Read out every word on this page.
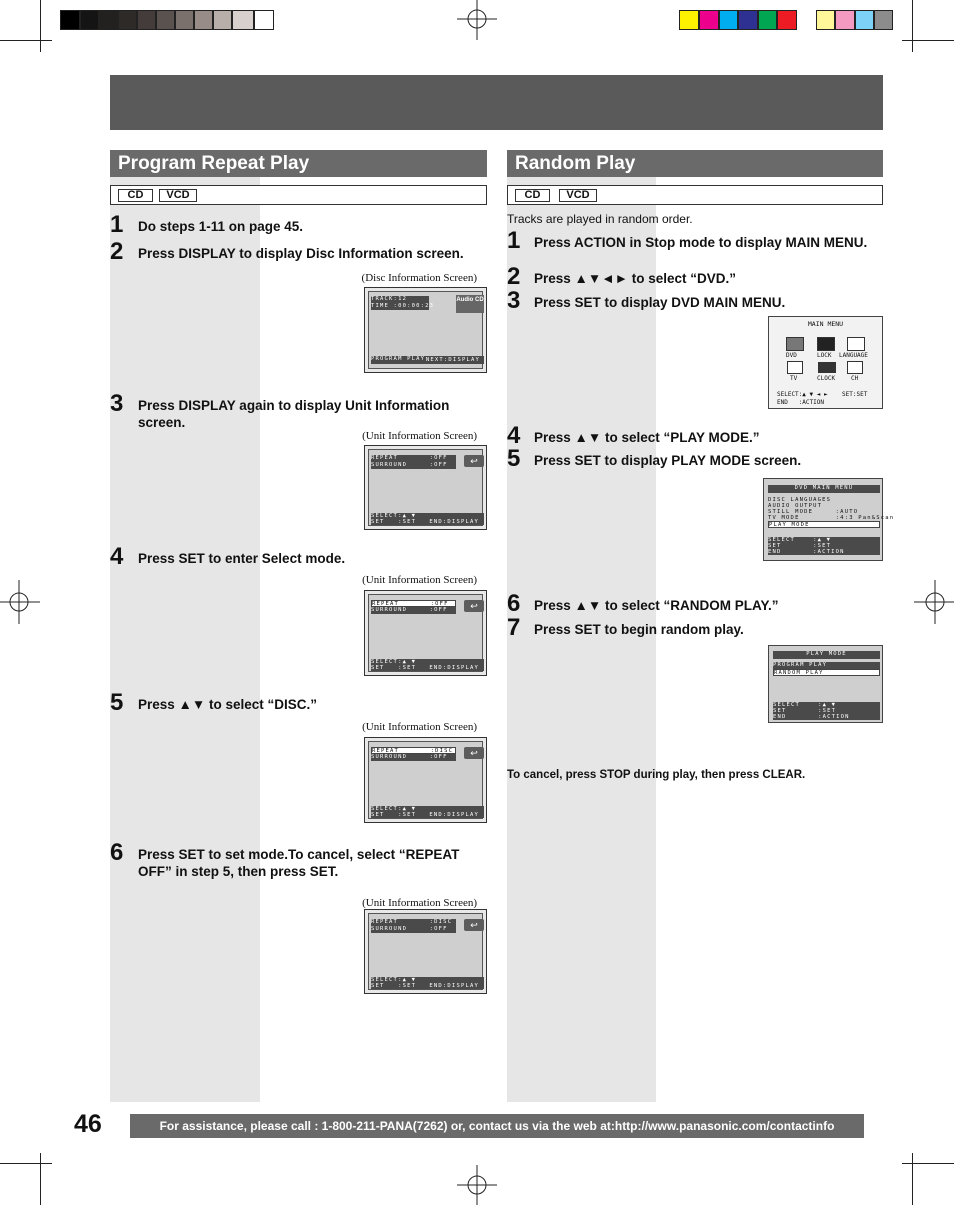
Program Repeat Play
CD	VCD
1 Do steps 1-11 on page 45.
2 Press DISPLAY to display Disc Information screen.
(Disc Information Screen)
TRACK:12
TIME :00:00:23
Audio CD
PROGRAM PLAY NEXT:DISPLAY
3 Press DISPLAY again to display Unit Information screen.
(Unit Information Screen)
REPEAT       :OFF
SURROUND     :OFF	↩
SELECT:▲ ▼
SET   :SET	END:DISPLAY
4 Press SET to enter Select mode.
(Unit Information Screen)
REPEAT       :OFF
SURROUND     :OFF	↩
SELECT:▲ ▼
SET   :SET	END:DISPLAY
5 Press ▲▼ to select “DISC.”
(Unit Information Screen)
REPEAT       :DISC
SURROUND     :OFF	↩
SELECT:▲ ▼
SET   :SET	END:DISPLAY
6 Press SET to set mode.To cancel, select “REPEAT OFF” in step 5, then press SET.
(Unit Information Screen)
REPEAT       :DISC
SURROUND     :OFF	↩
SELECT:▲ ▼
SET   :SET	END:DISPLAY
Random Play
CD	VCD
Tracks are played in random order.
1 Press ACTION in Stop mode to display MAIN MENU.
2 Press ▲▼◄► to select “DVD.”
3 Press SET to display DVD MAIN MENU.
MAIN MENU
DVD	LOCK LANGUAGE
TV	CLOCK	CH
SELECT:▲ ▼ ◄ ►    SET:SET
END   :ACTION
4 Press ▲▼ to select “PLAY MODE.”
5 Press SET to display PLAY MODE screen.
DVD MAIN MENU
DISC LANGUAGES
AUDIO OUTPUT
STILL MODE     :AUTO
TV MODE        :4:3 Pan&Scan
PLAY MODE
SELECT    :▲ ▼
SET       :SET
END       :ACTION
6 Press ▲▼ to select “RANDOM PLAY.”
7 Press SET to begin random play.
PLAY MODE
PROGRAM PLAY
RANDOM PLAY
SELECT    :▲ ▼
SET       :SET
END       :ACTION
To cancel, press STOP during play, then press CLEAR.
46	For assistance, please call : 1-800-211-PANA(7262) or, contact us via the web at:http://www.panasonic.com/contactinfo
